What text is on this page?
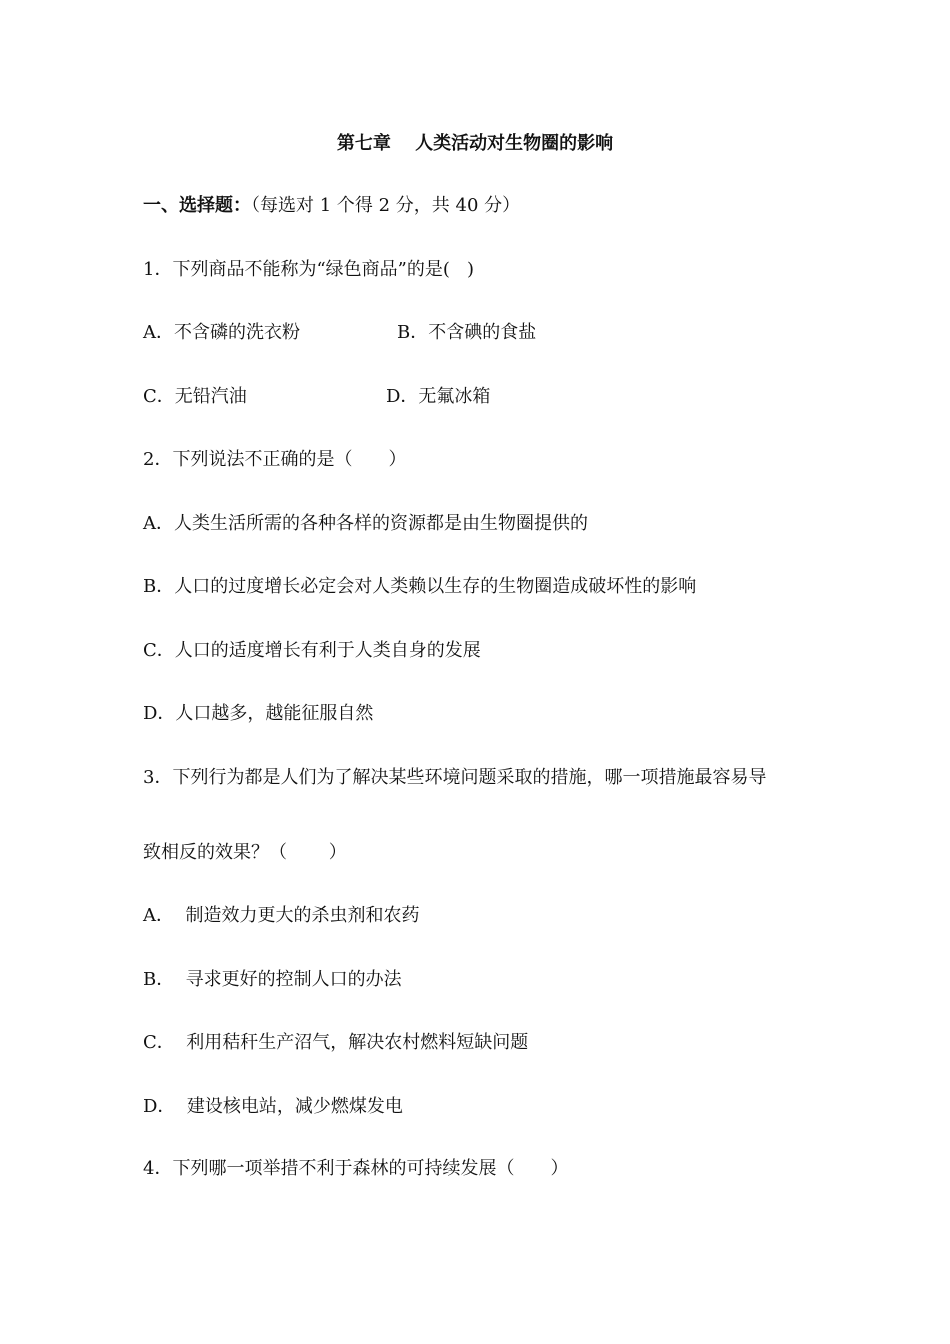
第七章　 人类活动对生物圈的影响
一、选择题：（每选对 1 个得 2 分，共 40 分）
1．下列商品不能称为“绿色商品”的是(   )
A．不含磷的洗衣粉	B．不含碘的食盐
C．无铅汽油	D．无氟冰箱
2．下列说法不正确的是（　　）
A．人类生活所需的各种各样的资源都是由生物圈提供的
B．人口的过度增长必定会对人类赖以生存的生物圈造成破坏性的影响
C．人口的适度增长有利于人类自身的发展
D．人口越多，越能征服自然
3．下列行为都是人们为了解决某些环境问题采取的措施，哪一项措施最容易导
致相反的效果？（　　 ）
A．  制造效力更大的杀虫剂和农药
B．  寻求更好的控制人口的办法
C．  利用秸秆生产沼气，解决农村燃料短缺问题
D．  建设核电站，减少燃煤发电
4．下列哪一项举措不利于森林的可持续发展（　　）
